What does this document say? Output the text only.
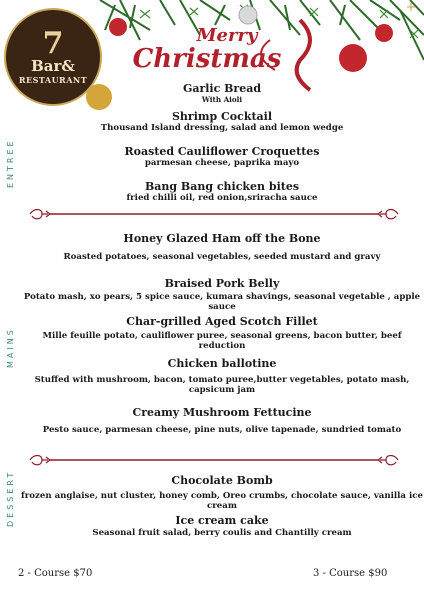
7
Bar&
RESTAURANT
Merry
Christmas
ENTREE
MAINS
DESSERT
Garlic Bread
With Aioli
Shrimp Cocktail
Thousand Island dressing, salad and lemon wedge
Roasted Cauliflower Croquettes
parmesan cheese, paprika mayo
Bang Bang chicken bites
fried chilli oil, red onion,sriracha sauce
Honey Glazed Ham off the Bone
Roasted potatoes, seasonal vegetables, seeded mustard and gravy
Braised Pork Belly
Potato mash, xo pears, 5 spice sauce, kumara shavings, seasonal vegetable , apple sauce
Char-grilled Aged Scotch Fillet
Mille feuille potato, cauliflower puree, seasonal greens, bacon butter, beef reduction
Chicken ballotine
Stuffed with mushroom, bacon, tomato puree,butter vegetables, potato mash, capsicum jam
Creamy Mushroom Fettucine
Pesto sauce, parmesan cheese, pine nuts, olive tapenade, sundried tomato
Chocolate Bomb
frozen anglaise, nut cluster, honey comb, Oreo crumbs, chocolate sauce, vanilla ice cream
Ice cream cake
Seasonal fruit salad, berry coulis and Chantilly cream
2 - Course $70	3 - Course $90
